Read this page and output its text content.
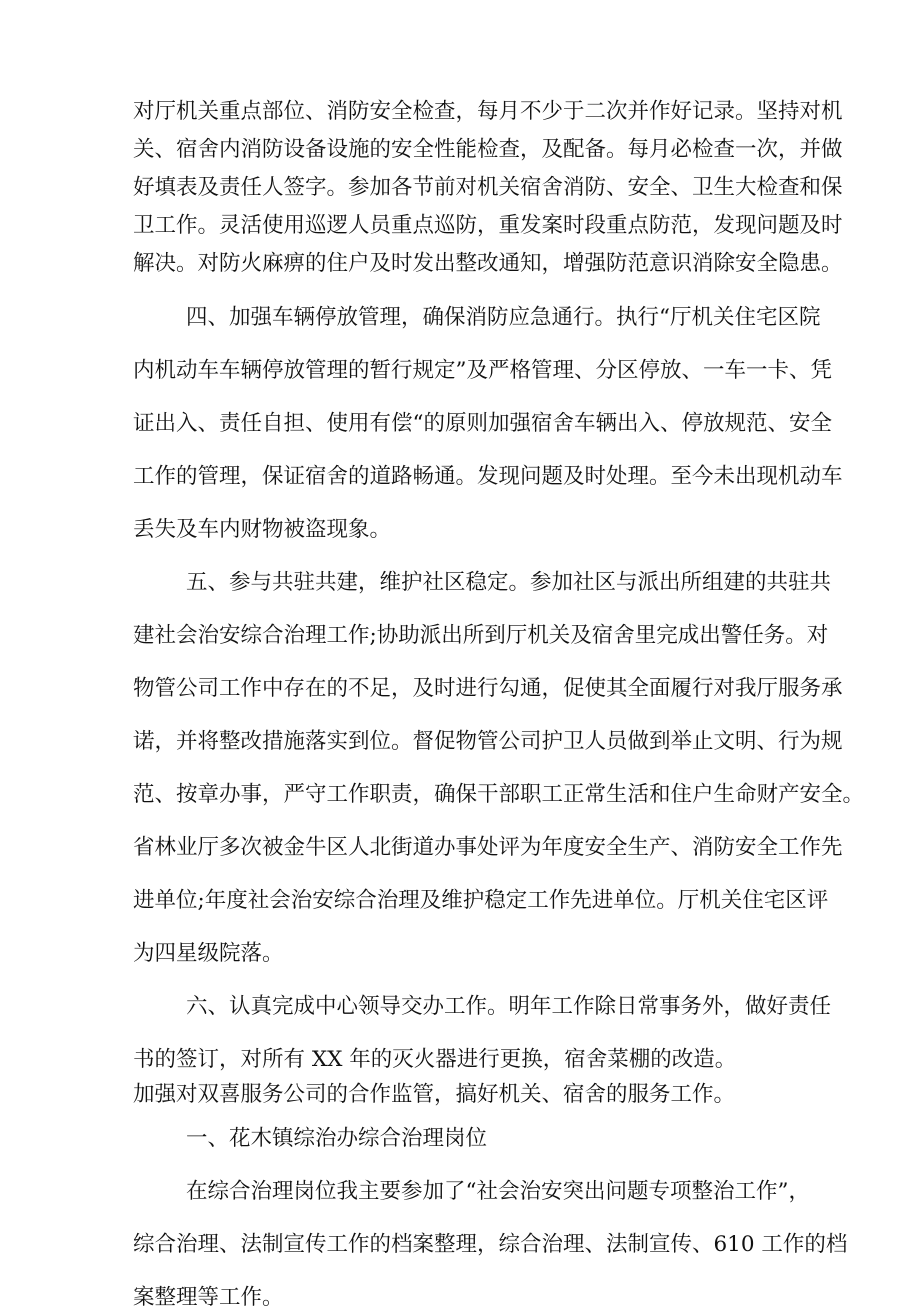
对厅机关重点部位、消防安全检查，每月不少于二次并作好记录。坚持对机
关、宿舍内消防设备设施的安全性能检查，及配备。每月必检查一次，并做
好填表及责任人签字。参加各节前对机关宿舍消防、安全、卫生大检查和保
卫工作。灵活使用巡逻人员重点巡防，重发案时段重点防范，发现问题及时
解决。对防火麻痹的住户及时发出整改通知，增强防范意识消除安全隐患。
四、加强车辆停放管理，确保消防应急通行。执行“厅机关住宅区院
内机动车车辆停放管理的暂行规定”及严格管理、分区停放、一车一卡、凭
证出入、责任自担、使用有偿“的原则加强宿舍车辆出入、停放规范、安全
工作的管理，保证宿舍的道路畅通。发现问题及时处理。至今未出现机动车
丢失及车内财物被盗现象。
五、参与共驻共建，维护社区稳定。参加社区与派出所组建的共驻共
建社会治安综合治理工作;协助派出所到厅机关及宿舍里完成出警任务。对
物管公司工作中存在的不足，及时进行勾通，促使其全面履行对我厅服务承
诺，并将整改措施落实到位。督促物管公司护卫人员做到举止文明、行为规
范、按章办事，严守工作职责，确保干部职工正常生活和住户生命财产安全。
省林业厅多次被金牛区人北街道办事处评为年度安全生产、消防安全工作先
进单位;年度社会治安综合治理及维护稳定工作先进单位。厅机关住宅区评
为四星级院落。
六、认真完成中心领导交办工作。明年工作除日常事务外，做好责任
书的签订，对所有 XX 年的灭火器进行更换，宿舍菜棚的改造。
加强对双喜服务公司的合作监管，搞好机关、宿舍的服务工作。
一、花木镇综治办综合治理岗位
在综合治理岗位我主要参加了“社会治安突出问题专项整治工作”，
综合治理、法制宣传工作的档案整理，综合治理、法制宣传、610 工作的档
案整理等工作。
